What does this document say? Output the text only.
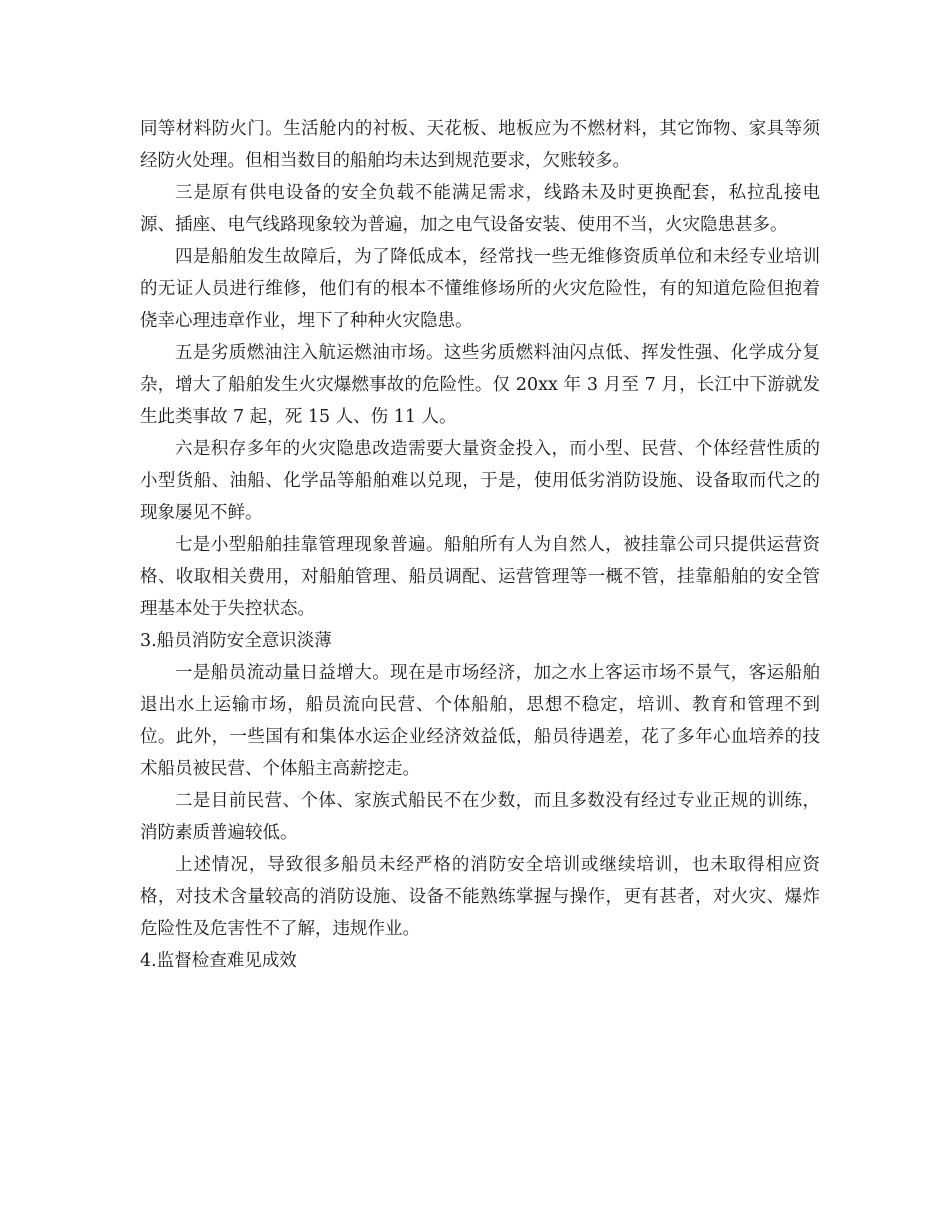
同等材料防火门。生活舱内的衬板、天花板、地板应为不燃材料，其它饰物、家具等须经防火处理。但相当数目的船舶均未达到规范要求，欠账较多。

三是原有供电设备的安全负载不能满足需求，线路未及时更换配套，私拉乱接电源、插座、电气线路现象较为普遍，加之电气设备安装、使用不当，火灾隐患甚多。

四是船舶发生故障后，为了降低成本，经常找一些无维修资质单位和未经专业培训的无证人员进行维修，他们有的根本不懂维修场所的火灾危险性，有的知道危险但抱着侥幸心理违章作业，埋下了种种火灾隐患。

五是劣质燃油注入航运燃油市场。这些劣质燃料油闪点低、挥发性强、化学成分复杂，增大了船舶发生火灾爆燃事故的危险性。仅 20xx 年 3 月至 7 月，长江中下游就发生此类事故 7 起，死 15 人、伤 11 人。

六是积存多年的火灾隐患改造需要大量资金投入，而小型、民营、个体经营性质的小型货船、油船、化学品等船舶难以兑现，于是，使用低劣消防设施、设备取而代之的现象屡见不鲜。

七是小型船舶挂靠管理现象普遍。船舶所有人为自然人，被挂靠公司只提供运营资格、收取相关费用，对船舶管理、船员调配、运营管理等一概不管，挂靠船舶的安全管理基本处于失控状态。

3.船员消防安全意识淡薄

一是船员流动量日益增大。现在是市场经济，加之水上客运市场不景气，客运船舶退出水上运输市场，船员流向民营、个体船舶，思想不稳定，培训、教育和管理不到位。此外，一些国有和集体水运企业经济效益低，船员待遇差，花了多年心血培养的技术船员被民营、个体船主高薪挖走。

二是目前民营、个体、家族式船民不在少数，而且多数没有经过专业正规的训练，消防素质普遍较低。

上述情况，导致很多船员未经严格的消防安全培训或继续培训，也未取得相应资格，对技术含量较高的消防设施、设备不能熟练掌握与操作，更有甚者，对火灾、爆炸危险性及危害性不了解，违规作业。

4.监督检查难见成效
